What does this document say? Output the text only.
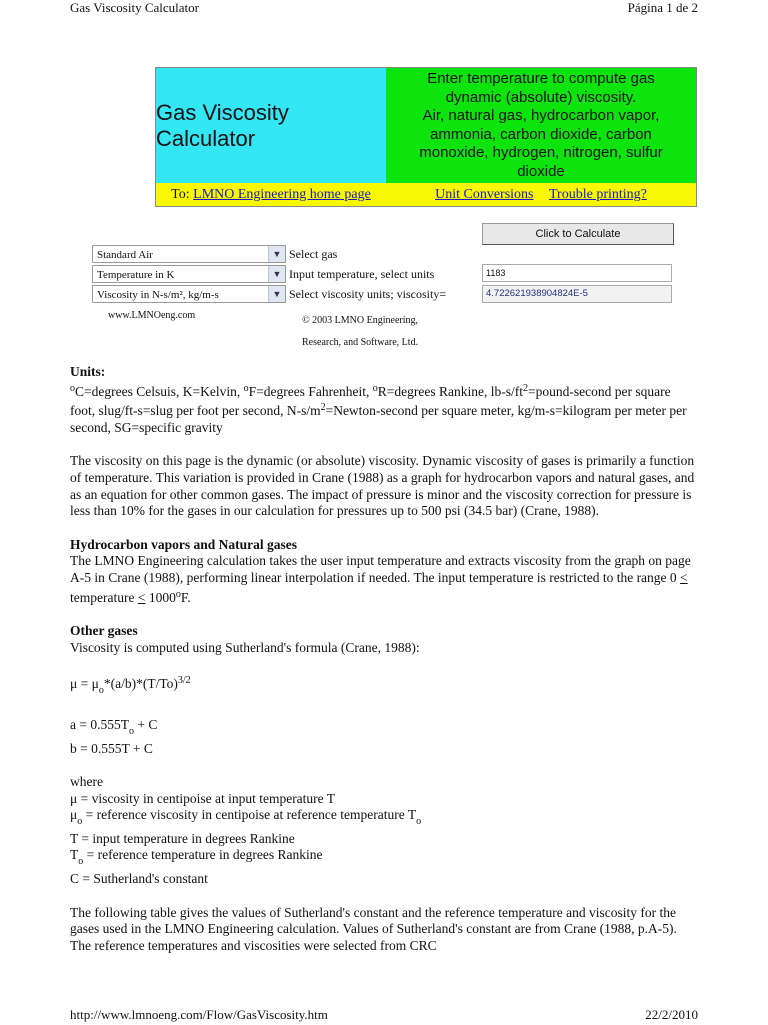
Gas Viscosity Calculator	Página 1 de 2
Gas Viscosity Calculator
Enter temperature to compute gas
dynamic (absolute) viscosity.
Air, natural gas, hydrocarbon vapor,
ammonia, carbon dioxide, carbon
monoxide, hydrogen, nitrogen, sulfur
dioxide
To: LMNO Engineering home page	Unit Conversions Trouble printing?
Standard Air	▼
Temperature in K	▼
Viscosity in N-s/m², kg/m-s	▼
Select gas
Input temperature, select units
Select viscosity units; viscosity=
Click to Calculate
1183
4.722621938904824E-5
www.LMNOeng.com	© 2003 LMNO Engineering,
Research, and Software, Ltd.
Units:

$^o$C=degrees Celsuis, K=Kelvin, $^o$F=degrees Fahrenheit, $^o$R=degrees Rankine, $lb-s/ft^2=pound$-second per square foot, slug/ft-s=slug per foot per second, $N-s/m^2=Newton$-second per square meter, kg/m-s=kilogram per meter per second, SG=specific gravity

The viscosity on this page is the dynamic (or absolute) viscosity. Dynamic viscosity of gases is primarily a function of temperature. This variation is provided in Crane (1988) as a graph for hydrocarbon vapors and natural gases, and as an equation for other common gases. The impact of pressure is minor and the viscosity correction for pressure is less than 10% for the gases in our calculation for pressures up to 500 psi (34.5 bar) (Crane, 1988).

Hydrocarbon vapors and Natural gases

The LMNO Engineering calculation takes the user input temperature and extracts viscosity from the graph on page A-5 in Crane (1988), performing linear interpolation if needed. The input temperature is restricted to the range 0 < temperature < $1000^oF$.

Other gases

Viscosity is computed using Sutherland's formula (Crane, 1988):

$\mu = \mu_o*(a/b)*(T/To)^{3/2}$

$a = 0.555T_o + C$

b = 0.555T + C

where

μ = viscosity in centipoise at input temperature T

$\mu_o$ = reference viscosity in centipoise at reference temperature $T_o$

T = input temperature in degrees Rankine

$T_o$ = reference temperature in degrees Rankine

C = Sutherland's constant

The following table gives the values of Sutherland's constant and the reference temperature and viscosity for the gases used in the LMNO Engineering calculation. Values of Sutherland's constant are from Crane (1988, p.A-5). The reference temperatures and viscosities were selected from CRC

http://www.lmnoeng.com/Flow/GasViscosity.htm	22/2/2010
